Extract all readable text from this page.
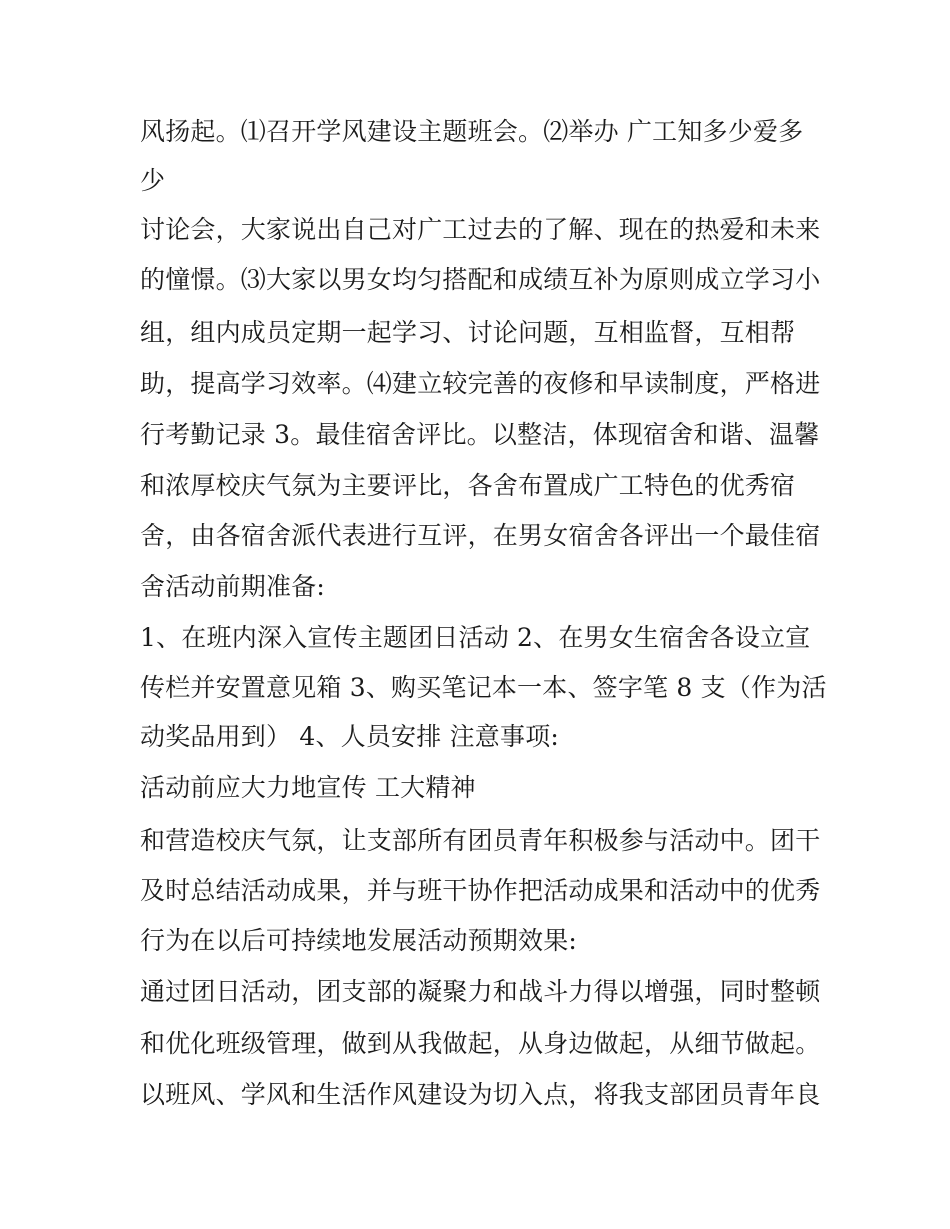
风扬起。⑴召开学风建设主题班会。⑵举办 广工知多少爱多
少
讨论会，大家说出自己对广工过去的了解、现在的热爱和未来
的憧憬。⑶大家以男女均匀搭配和成绩互补为原则成立学习小
组，组内成员定期一起学习、讨论问题，互相监督，互相帮
助，提高学习效率。⑷建立较完善的夜修和早读制度，严格进
行考勤记录 3。最佳宿舍评比。以整洁，体现宿舍和谐、温馨
和浓厚校庆气氛为主要评比，各舍布置成广工特色的优秀宿
舍，由各宿舍派代表进行互评，在男女宿舍各评出一个最佳宿
舍活动前期准备:
1、在班内深入宣传主题团日活动 2、在男女生宿舍各设立宣
传栏并安置意见箱 3、购买笔记本一本、签字笔 8 支（作为活
动奖品用到） 4、人员安排 注意事项:
活动前应大力地宣传 工大精神
和营造校庆气氛，让支部所有团员青年积极参与活动中。团干
及时总结活动成果，并与班干协作把活动成果和活动中的优秀
行为在以后可持续地发展活动预期效果:
通过团日活动，团支部的凝聚力和战斗力得以增强，同时整顿
和优化班级管理，做到从我做起，从身边做起，从细节做起。
以班风、学风和生活作风建设为切入点，将我支部团员青年良
